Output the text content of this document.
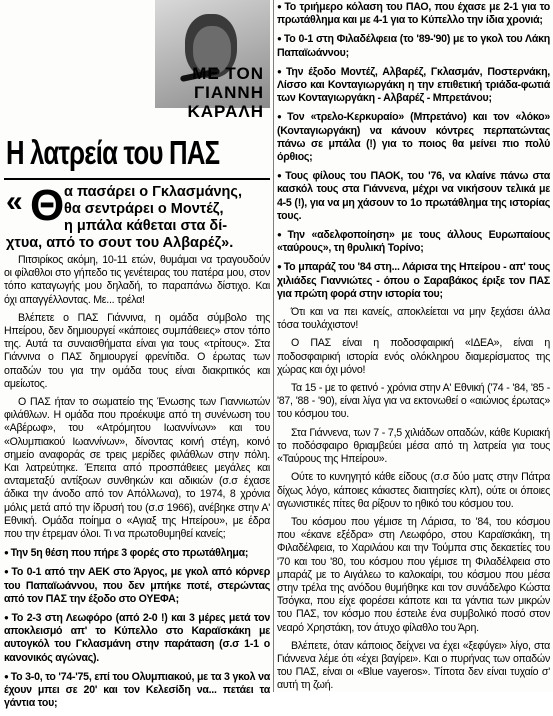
ΜΕ ΤΟΝ
ΓΙΑΝΝΗ
ΚΑΡΑΛΗ
Η λατρεία του ΠΑΣ
« Θ α πασάρει ο Γκλασμάνης,
θα σεντράρει ο Μοντέζ,
η μπάλα κάθεται στα δί-
χτυα, από το σουτ του Αλβαρέζ».

Πιτσιρίκος ακόμη, 10-11 ετών, θυμάμαι να τραγουδούν οι φίλαθλοι στο γήπεδο τις γενέτειρας του πατέρα μου, στον τόπο καταγωγής μου δηλαδή, το παραπάνω δίστιχο. Και όχι απαγγέλλοντας. Με... τρέλα!

Βλέπετε ο ΠΑΣ Γιάννινα, η ομάδα σύμβολο της Ηπείρου, δεν δημιουργεί «κάποιες συμπάθειες» στον τόπο της. Αυτά τα συναισθήματα είναι για τους «τρίτους». Στα Γιάννινα ο ΠΑΣ δημιουργεί φρενίτιδα. Ο έρωτας των οπαδών του για την ομάδα τους είναι διακριτικός και αμείωτος.

Ο ΠΑΣ ήταν το σωματείο της Ένωσης των Γιαννιωτών φιλάθλων. Η ομάδα που προέκυψε από τη συνένωση του «Αβέρωφ», του «Ατρόμητου Ιωαννίνων» και του «Ολυμπιακού Ιωαννίνων», δίνοντας κοινή στέγη, κοινό σημείο αναφοράς σε τρεις μερίδες φιλάθλων στην πόλη. Και λατρεύτηκε. Έπειτα από προσπάθειες μεγάλες και ανταμεταξύ αντίξοων συνθηκών και αδικιών (σ.σ έχασε άδικα την άνοδο από τον Απόλλωνα), το 1974, 8 χρόνια μόλις μετά από την ίδρυσή του (σ.σ 1966), ανέβηκε στην Α' Εθνική. Ομάδα ποίημα ο «Αγιαξ της Ηπείρου», με έδρα που την έτρεμαν όλοι. Τι να πρωτοθυμηθεί κανείς;

● Την 5η θέση που πήρε 3 φορές στο πρωτάθλημα;

● Το 0-1 από την ΑΕΚ στο Άργος, με γκολ από κόρνερ του Παπαϊωάννου, που δεν μπήκε ποτέ, στερώντας από τον ΠΑΣ την έξοδο στο ΟΥΕΦΑ;

● Το 2-3 στη Λεωφόρο (από 2-0 !) και 3 μέρες μετά τον αποκλεισμό απ' το Κύπελλο στο Καραϊσκάκη με αυτογκόλ του Γκλασμάνη στην παράταση (σ.σ 1-1 ο κανονικός αγώνας).

● Το 3-0, το '74-'75, επί του Ολυμπιακού, με τα 3 γκολ να έχουν μπει σε 20' και τον Κελεσίδη να... πετάει τα γάντια του;

● Το τριήμερο κόλαση του ΠΑΟ, που έχασε με 2-1 για το πρωτάθλημα και με 4-1 για το Κύπελλο την ίδια χρονιά;

● Το 0-1 στη Φιλαδέλφεια (το '89-'90) με το γκολ του Λάκη Παπαϊωάννου;

● Την έξοδο Μοντέζ, Αλβαρέζ, Γκλασμάν, Ποστερνάκη, Λίσσο και Κονταγιωργάκη η την επιθετική τριάδα-φωτιά των Κονταγιωργάκη - Αλβαρέζ - Μπρετάνου;

● Τον «τρελο-Κερκυραίο» (Μπρετάνο) και τον «λόκο» (Κονταγιωργάκη) να κάνουν κόντρες περπατώντας πάνω σε μπάλα (!) για το ποιος θα μείνει πιο πολύ όρθιος;

● Τους φίλους του ΠΑΟΚ, του '76, να κλαίνε πάνω στα κασκόλ τους στα Γιάννενα, μέχρι να νικήσουν τελικά με 4-5 (!), για να μη χάσουν το 1ο πρωτάθλημα της ιστορίας τους.

● Την «αδελφοποίηση» με τους άλλους Ευρωπαίους «ταύρους», τη θρυλική Τορίνο;

● Το μπαράζ του '84 στη... Λάρισα της Ηπείρου - απ' τους χιλιάδες Γιαννιώτες - όπου ο Σαραβάκος έριξε τον ΠΑΣ για πρώτη φορά στην ιστορία του;

Ότι και να πει κανείς, αποκλείεται να μην ξεχάσει άλλα τόσα τουλάχιστον!

Ο ΠΑΣ είναι η ποδοσφαιρική «ΙΔΕΑ», είναι η ποδοσφαιρική ιστορία ενός ολόκληρου διαμερίσματος της χώρας και όχι μόνο!

Τα 15 - με το φετινό - χρόνια στην Α' Εθνική ('74 - '84, '85 - '87, '88 - '90), είναι λίγα για να εκτονωθεί ο «αιώνιος έρωτας» του κόσμου του.

Στα Γιάννενα, των 7 - 7,5 χιλιάδων οπαδών, κάθε Κυριακή το ποδόσφαιρο θριαμβεύει μέσα από τη λατρεία για τους «Ταύρους της Ηπείρου».

Ούτε το κυνηγητό κάθε είδους (σ.σ δύο ματς στην Πάτρα δίχως λόγο, κάποιες κάκιστες διαιτησίες κλπ), ούτε οι όποιες αγωνιστικές πίτες θα ρίξουν το ηθικό του κόσμου του.

Του κόσμου που γέμισε τη Λάρισα, το '84, του κόσμου που «έκανε εξέδρα» στη Λεωφόρο, στου Καραϊσκάκη, τη Φιλαδέλφεια, το Χαριλάου και την Τούμπα στις δεκαετίες του '70 και του '80, του κόσμου που γέμισε τη Φιλαδέλφεια στο μπαράζ με το Αιγάλεω το καλοκαίρι, του κόσμου που μέσα στην τρέλα της ανόδου θυμήθηκε και τον συνάδελφο Κώστα Τσόγκα, που είχε φορέσει κάποτε και τα γάντια των μικρών του ΠΑΣ, τον κόσμο που έστειλε ένα συμβολικό ποσό στον νεαρό Χρηστάκη, τον άτυχο φίλαθλο του Άρη.

Βλέπετε, όταν κάποιος δείχνει να έχει «ξεφύγει» λίγο, στα Γιάννενα λέμε ότι «έχει βαγίρει». Και ο πυρήνας των οπαδών του ΠΑΣ, είναι οι «Blue vayeros». Τίποτα δεν είναι τυχαίο σ' αυτή τη ζωή.
